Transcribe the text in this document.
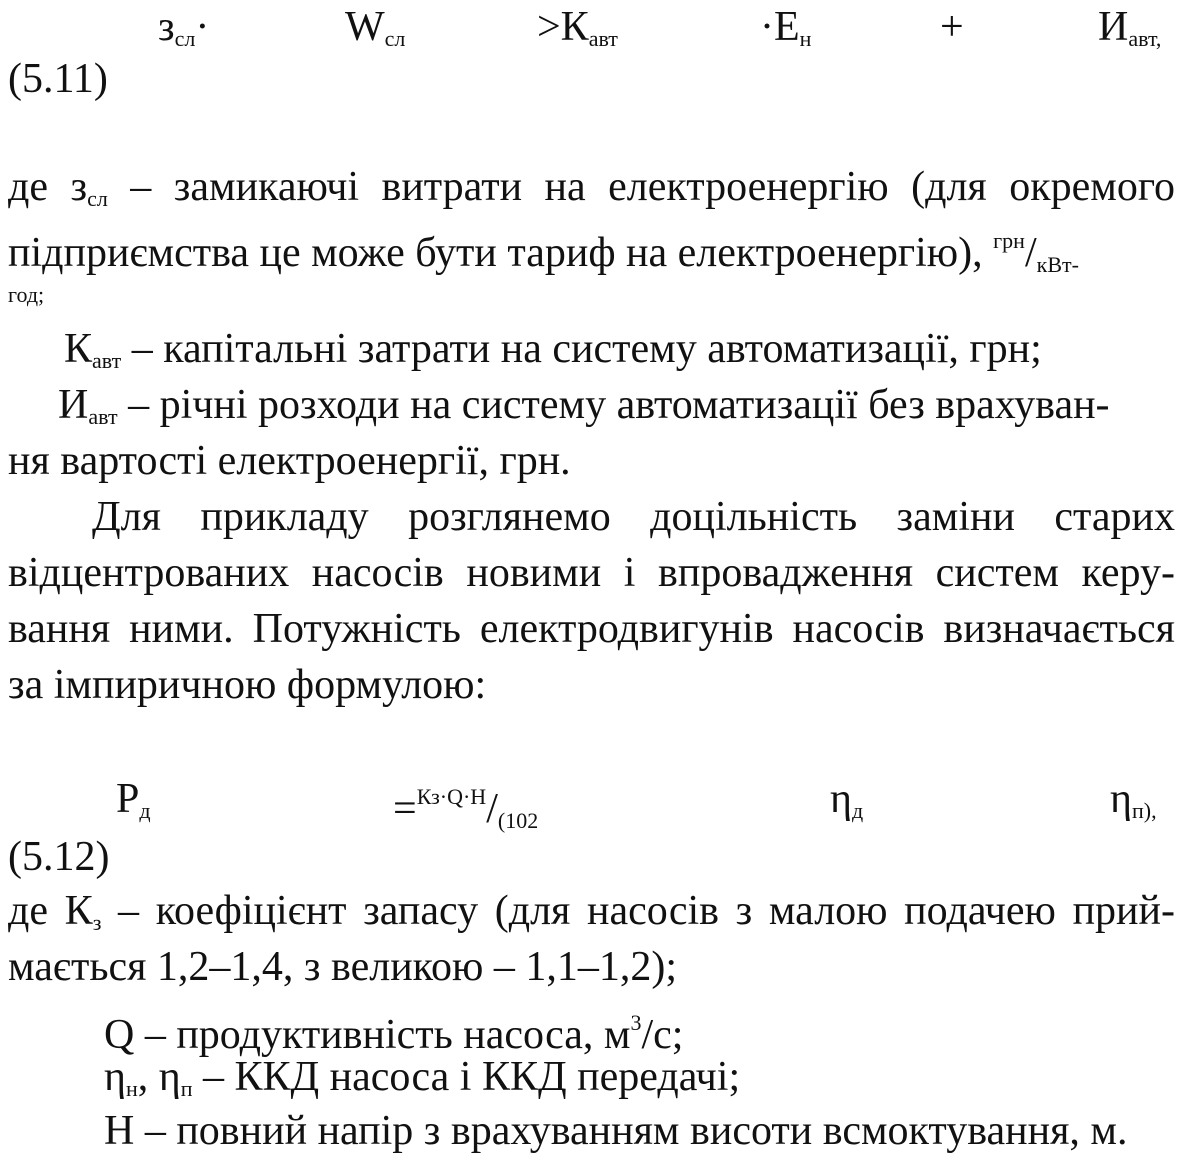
$з_{сл}\cdot$	$W_{сл}$	$>К_{авт}$	$\cdot Е_н$	+	$И_{авт,}$
(5.11)
де $з_{сл}$ – замикаючі витрати на електроенергію (для окремого
підприємства це може бути тариф на електроенергію), $^{грн}/_{кВт-}$
год;
$К_{авт}$ – капітальні затрати на систему автоматизації, грн;
$И_{авт}$ – річні розходи на систему автоматизації без врахуван-
ня вартості електроенергії, грн.
Для прикладу розглянемо доцільність заміни старих
відцентрованих насосів новими і впровадження систем керу-
вання ними. Потужність електродвигунів насосів визначається
за імпиричною формулою:
$Р_д$	$=^{Кз\cdot Q\cdot H}/_{(102}$	$\eta_д$	$\eta_{п),}$
(5.12)
де $К_з$ – коефіцієнт запасу (для насосів з малою подачею прий-
мається 1,2–1,4, з великою – 1,1–1,2);
Q – продуктивність насоса, $м^3/с$;
$\eta_н$, $\eta_п$ – ККД насоса і ККД передачі;
Н – повний напір з врахуванням висоти всмоктування, м.
